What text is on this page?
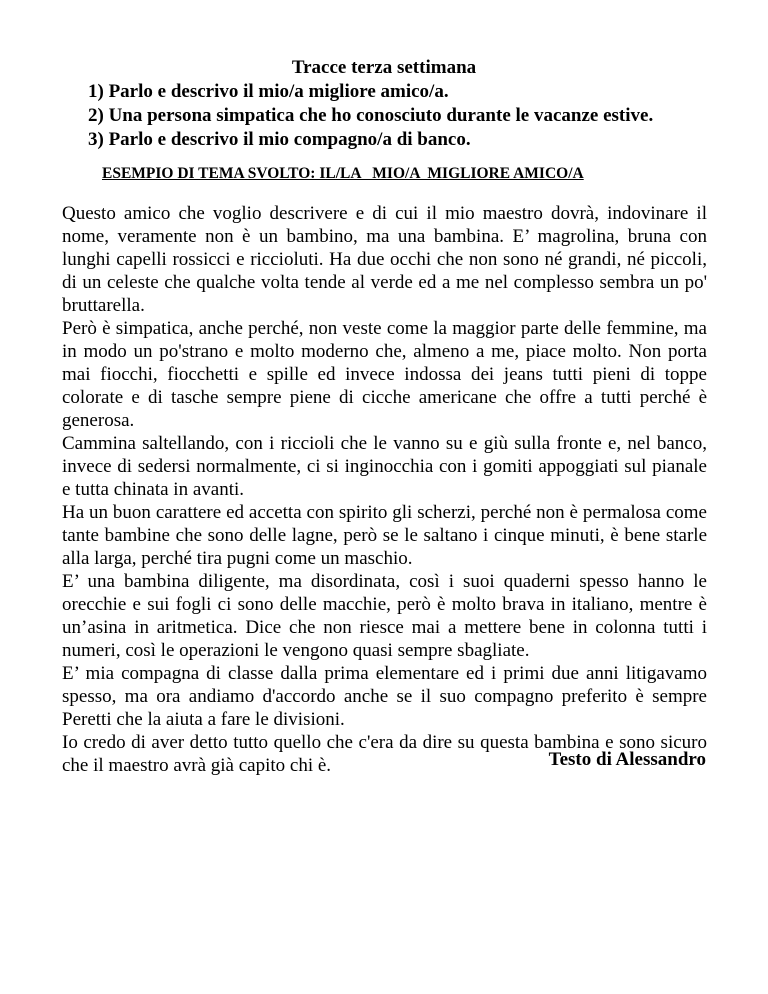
Tracce terza settimana
1) Parlo e descrivo il mio/a migliore amico/a.
2) Una persona simpatica che ho conosciuto durante le vacanze estive.
3) Parlo e descrivo il mio compagno/a di banco.
ESEMPIO DI TEMA SVOLTO: IL/LA   MIO/A  MIGLIORE AMICO/A

Questo amico che voglio descrivere e di cui il mio maestro dovrà, indovinare il nome, veramente non è un bambino, ma una bambina. E’ magrolina, bruna con lunghi capelli rossicci e riccioluti. Ha due occhi che non sono né grandi, né piccoli, di un celeste che qualche volta tende al verde ed a me nel complesso sembra un po' bruttarella.

Però è simpatica, anche perché, non veste come la maggior parte delle femmine, ma in modo un po'strano e molto moderno che, almeno a me, piace molto. Non porta mai fiocchi, fiocchetti e spille ed invece indossa dei jeans tutti pieni di toppe colorate e di tasche sempre piene di cicche americane che offre a tutti perché è generosa.

Cammina saltellando, con i riccioli che le vanno su e giù sulla fronte e, nel banco, invece di sedersi normalmente, ci si inginocchia con i gomiti appoggiati sul pianale e tutta chinata in avanti.

Ha un buon carattere ed accetta con spirito gli scherzi, perché non è permalosa come tante bambine che sono delle lagne, però se le saltano i cinque minuti, è bene starle alla larga, perché tira pugni come un maschio.

E’ una bambina diligente, ma disordinata, così i suoi quaderni spesso hanno le orecchie e sui fogli ci sono delle macchie, però è molto brava in italiano, mentre è un’asina in aritmetica. Dice che non riesce mai a mettere bene in colonna tutti i numeri, così le operazioni le vengono quasi sempre sbagliate.

E’ mia compagna di classe dalla prima elementare ed i primi due anni litigavamo spesso, ma ora andiamo d'accordo anche se il suo compagno preferito è sempre Peretti che la aiuta a fare le divisioni.

Io credo di aver detto tutto quello che c'era da dire su questa bambina e sono sicuro che il maestro avrà già capito chi è.	Testo di Alessandro
